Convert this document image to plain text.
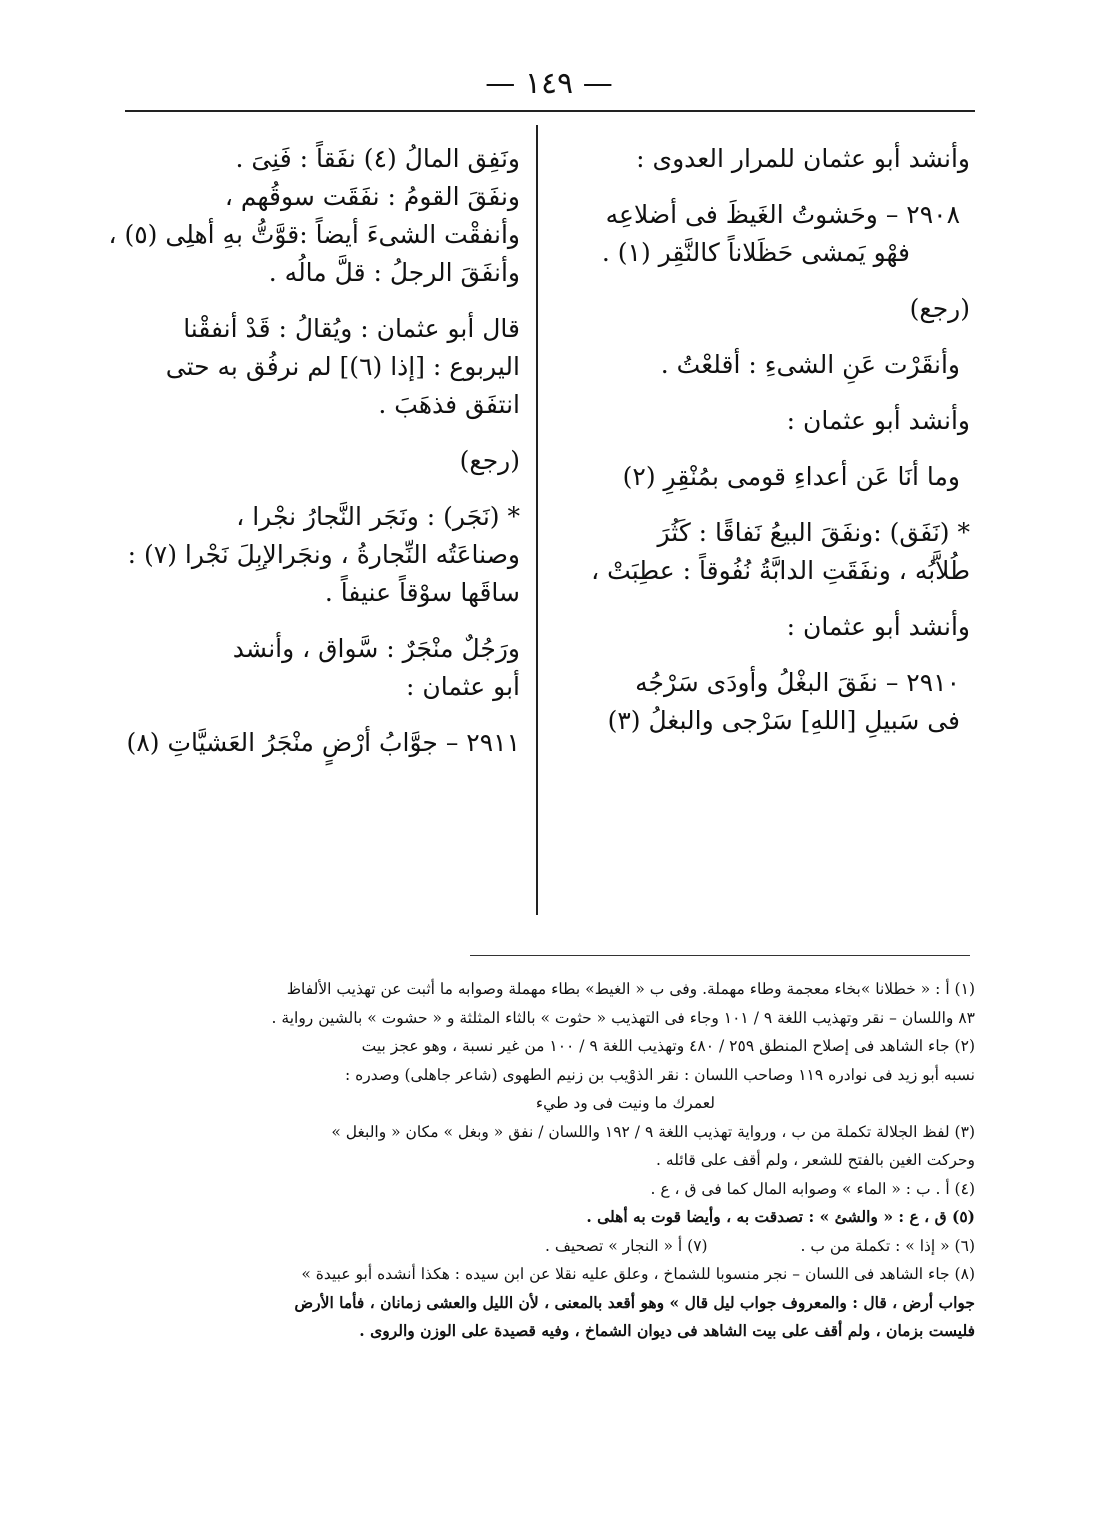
— ١٤٩ —

وأنشد أبو عثمان للمرار العدوى :

٢٩٠٨ – وحَشوتُ الغَيظَ فى أضلاعِه

فهْو يَمشى حَظَلاناً كالنَّقِر (١) .

(رجع)

وأنقَرْت عَنِ الشىءِ : أقلعْتُ .

وأنشد أبو عثمان :

وما أنَا عَن أعداءِ قومى بمُنْقِرِ (٢)

* (نَفَق) :ونفَقَ البيعُ نَفاقًا : كَثُرَ

طُلاَّبُه ، ونفَقَتِ الدابَّةُ نُفُوقاً : عطِبَتْ ،

وأنشد أبو عثمان :

٢٩١٠ – نفَقَ البغْلُ وأودَى سَرْجُه

فى سَبيلِ [اللهِ] سَرْجى والبغلُ (٣)

ونَفِق المالُ (٤) نفَقاً : فَنِىَ .

ونفَقَ القومُ : نفَقَت سوقُهم ،

وأنفقْت الشىءَ أيضاً :قوَّتُّ بهِ أهلِى (٥) ،

وأنفَقَ الرجلُ : قلَّ مالُه .

قال أبو عثمان : ويُقالُ : قَدْ أنفقْنا

اليربوع : [إذا (٦)] لم نرفُق به حتى

انتفَق فذهَبَ .

(رجع)

* (نَجَر) : ونَجَر النَّجارُ نجْرا ،

وصناعَتُه النِّجارةُ ، ونجَرالإبِلَ نَجْرا (٧) :

ساقَها سوْقاً عنيفاً .

ورَجُلٌ منْجَرٌ : سَّواق ، وأنشد

أبو عثمان :

٢٩١١ – جوَّابُ أرْضٍ منْجَرُ العَشيَّاتِ (٨)

(١) أ : « خطلانا »بخاء معجمة وطاء مهملة. وفى ب « الغيط» بطاء مهملة وصوابه ما أثبت عن تهذيب الألفاظ

٨٣ واللسان – نقر وتهذيب اللغة ٩ / ١٠١ وجاء فى التهذيب « حثوت » بالثاء المثلثة و « حشوت » بالشين رواية .

(٢) جاء الشاهد فى إصلاح المنطق ٢٥٩ / ٤٨٠ وتهذيب اللغة ٩ / ١٠٠ من غير نسبة ، وهو عجز بيت

نسبه أبو زيد فى نوادره ١١٩ وصاحب اللسان : نقر الذوْيب بن زنيم الطهوى (شاعر جاهلى) وصدره :

لعمرك ما ونيت فى ود طيء

(٣) لفظ الجلالة تكملة من ب ، ورواية تهذيب اللغة ٩ / ١٩٢ واللسان / نفق « وبغل » مكان « والبغل »

وحركت الغين بالفتح للشعر ، ولم أقف على قائله .

(٤) أ . ب : « الماء » وصوابه المال كما فى ق ، ع .

(٥) ق ، ع : « والشئ » : تصدقت به ، وأيضا قوت به أهلى .

(٦) « إذا » : تكملة من ب .
(٧) أ « النجار » تصحيف .

(٨) جاء الشاهد فى اللسان – نجر منسوبا للشماخ ، وعلق عليه نقلا عن ابن سيده : هكذا أنشده أبو عبيدة »

جواب أرض ، قال : والمعروف جواب ليل قال » وهو أقعد بالمعنى ، لأن الليل والعشى زمانان ، فأما الأرض

فليست بزمان ، ولم أقف على بيت الشاهد فى ديوان الشماخ ، وفيه قصيدة على الوزن والروى .
